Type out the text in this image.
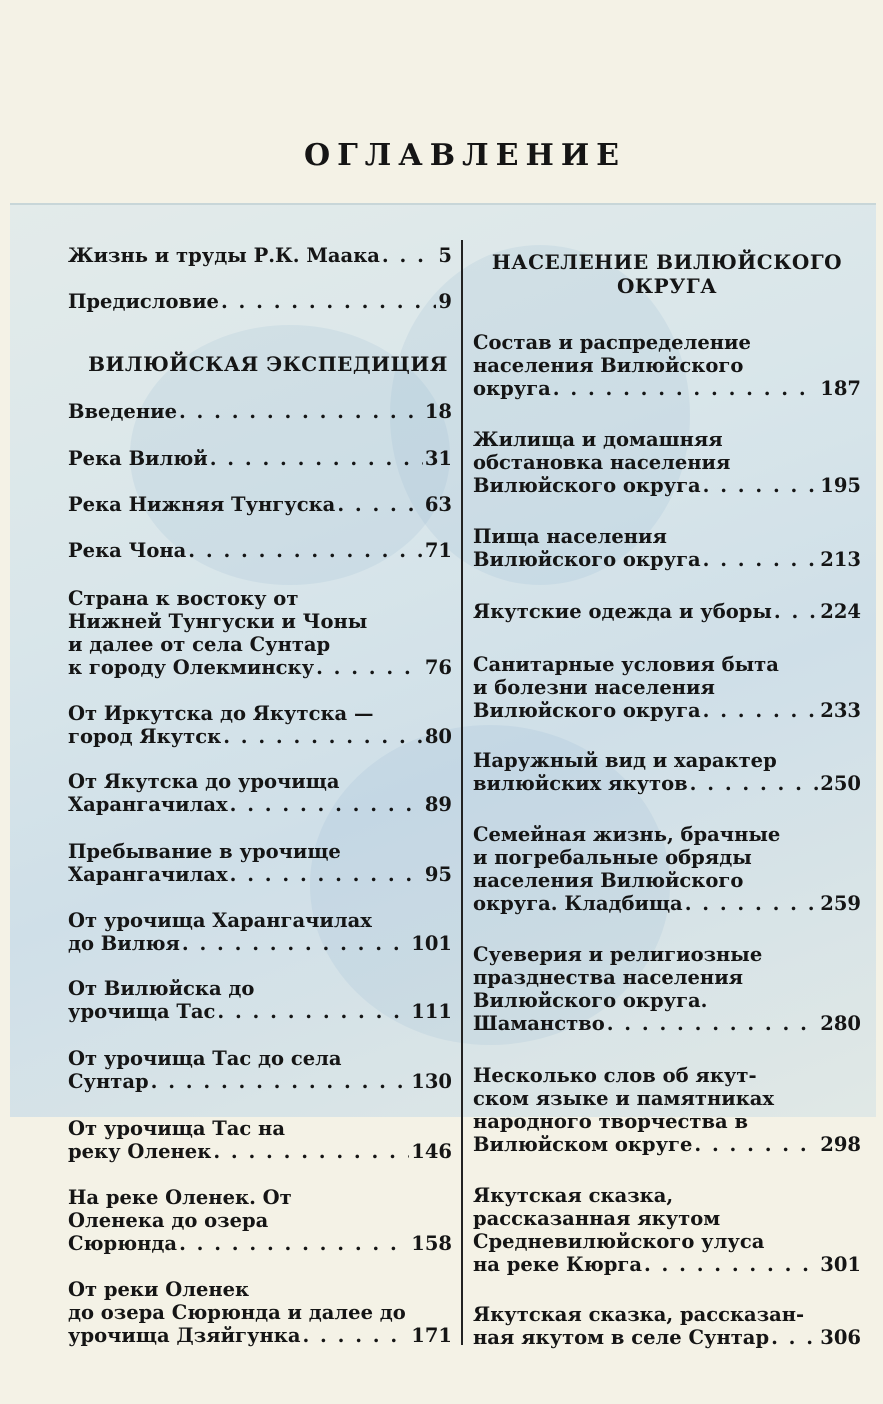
ОГЛАВЛЕНИЕ
Жизнь и труды Р.К. Маака . . .	5
Предисловие . . .	9
ВИЛЮЙСКАЯ ЭКСПЕДИЦИЯ
Введение . . .	18
Река Вилюй . . .	31
Река Нижняя Тунгуска . . .	63
Река Чона . . .	71
Страна к востоку от
Нижней Тунгуски и Чоны
и далее от села Сунтар
к городу Олекминску . . .	76
От Иркутска до Якутска —
город Якутск . . .	80
От Якутска до урочища
Харангачилах . . .	89
Пребывание в урочище
Харангачилах . . .	95
От урочища Харангачилах
до Вилюя . . .	101
От Вилюйска до
урочища Тас . . .	111
От урочища Тас до села
Сунтар . . .	130
От урочища Тас на
реку Оленек . . .	146
На реке Оленек. От
Оленека до озера
Сюрюнда . . .	158
От реки Оленек
до озера Сюрюнда и далее до
урочища Дзяйгунка . . .	171
НАСЕЛЕНИЕ ВИЛЮЙСКОГО
ОКРУГА
Состав и распределение
населения Вилюйского
округа . . .	187
Жилища и домашняя
обстановка населения
Вилюйского округа . . .	195
Пища населения
Вилюйского округа . . .	213
Якутские одежда и уборы . . . 224
Санитарные условия быта
и болезни населения
Вилюйского округа . . .	233
Наружный вид и характер
вилюйских якутов . . .	250
Семейная жизнь, брачные
и погребальные обряды
населения Вилюйского
округа. Кладбища . . .	259
Суеверия и религиозные
празднества населения
Вилюйского округа.
Шаманство . . .	280
Несколько слов об якут-
ском языке и памятниках
народного творчества в
Вилюйском округе . . .	298
Якутская сказка,
рассказанная якутом
Средневилюйского улуса
на реке Кюрга . . .	301
Якутская сказка, рассказан-
ная якутом в селе Сунтар . . .	306
